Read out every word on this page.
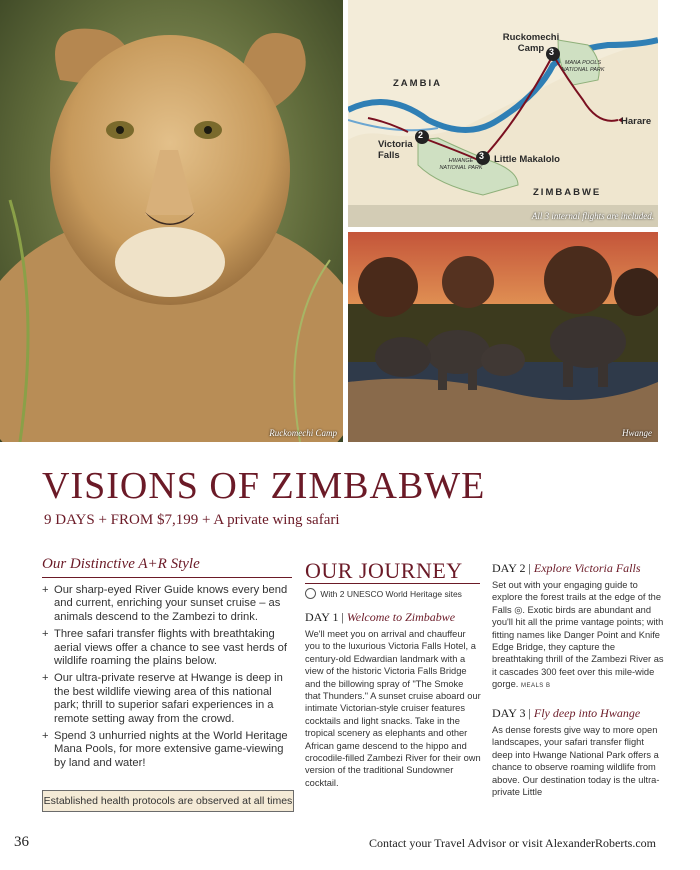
Ruckomechi Camp
2
3
3
ZAMBIA
ZIMBABWE
Ruckomechi Camp
MANA POOLS NATIONAL PARK
Harare
Victoria Falls	Little Makalolo
HWANGE NATIONAL PARK
All 3 internal flights are included.
Hwange
VISIONS OF ZIMBABWE
9 DAYS + FROM $7,199 + A private wing safari
Our Distinctive A+R Style
+ Our sharp-eyed River Guide knows every bend and current, enriching your sunset cruise – as animals descend to the Zambezi to drink.
+ Three safari transfer flights with breathtaking aerial views offer a chance to see vast herds of wildlife roaming the plains below.
+ Our ultra-private reserve at Hwange is deep in the best wildlife viewing area of this national park; thrill to superior safari experiences in a remote setting away from the crowd.
+ Spend 3 unhurried nights at the World Heritage Mana Pools, for more extensive game-viewing by land and water!
Established health protocols are observed at all times
OUR JOURNEY
With 2 UNESCO World Heritage sites
DAY 1 | Welcome to Zimbabwe
We'll meet you on arrival and chauffeur you to the luxurious Victoria Falls Hotel, a century-old Edwardian landmark with a view of the historic Victoria Falls Bridge and the billowing spray of "The Smoke that Thunders." A sunset cruise aboard our intimate Victorian-style cruiser features cocktails and light snacks. Take in the tropical scenery as elephants and other African game descend to the hippo and crocodile-filled Zambezi River for their own version of the traditional Sundowner cocktail.
DAY 2 | Explore Victoria Falls
Set out with your engaging guide to explore the forest trails at the edge of the Falls ◎. Exotic birds are abundant and you'll hit all the prime vantage points; with fitting names like Danger Point and Knife Edge Bridge, they capture the breathtaking thrill of the Zambezi River as it cascades 300 feet over this mile-wide gorge. MEALS B
DAY 3 | Fly deep into Hwange
As dense forests give way to more open landscapes, your safari transfer flight deep into Hwange National Park offers a chance to observe roaming wildlife from above. Our destination today is the ultra-private Little
36	Contact your Travel Advisor or visit AlexanderRoberts.com
